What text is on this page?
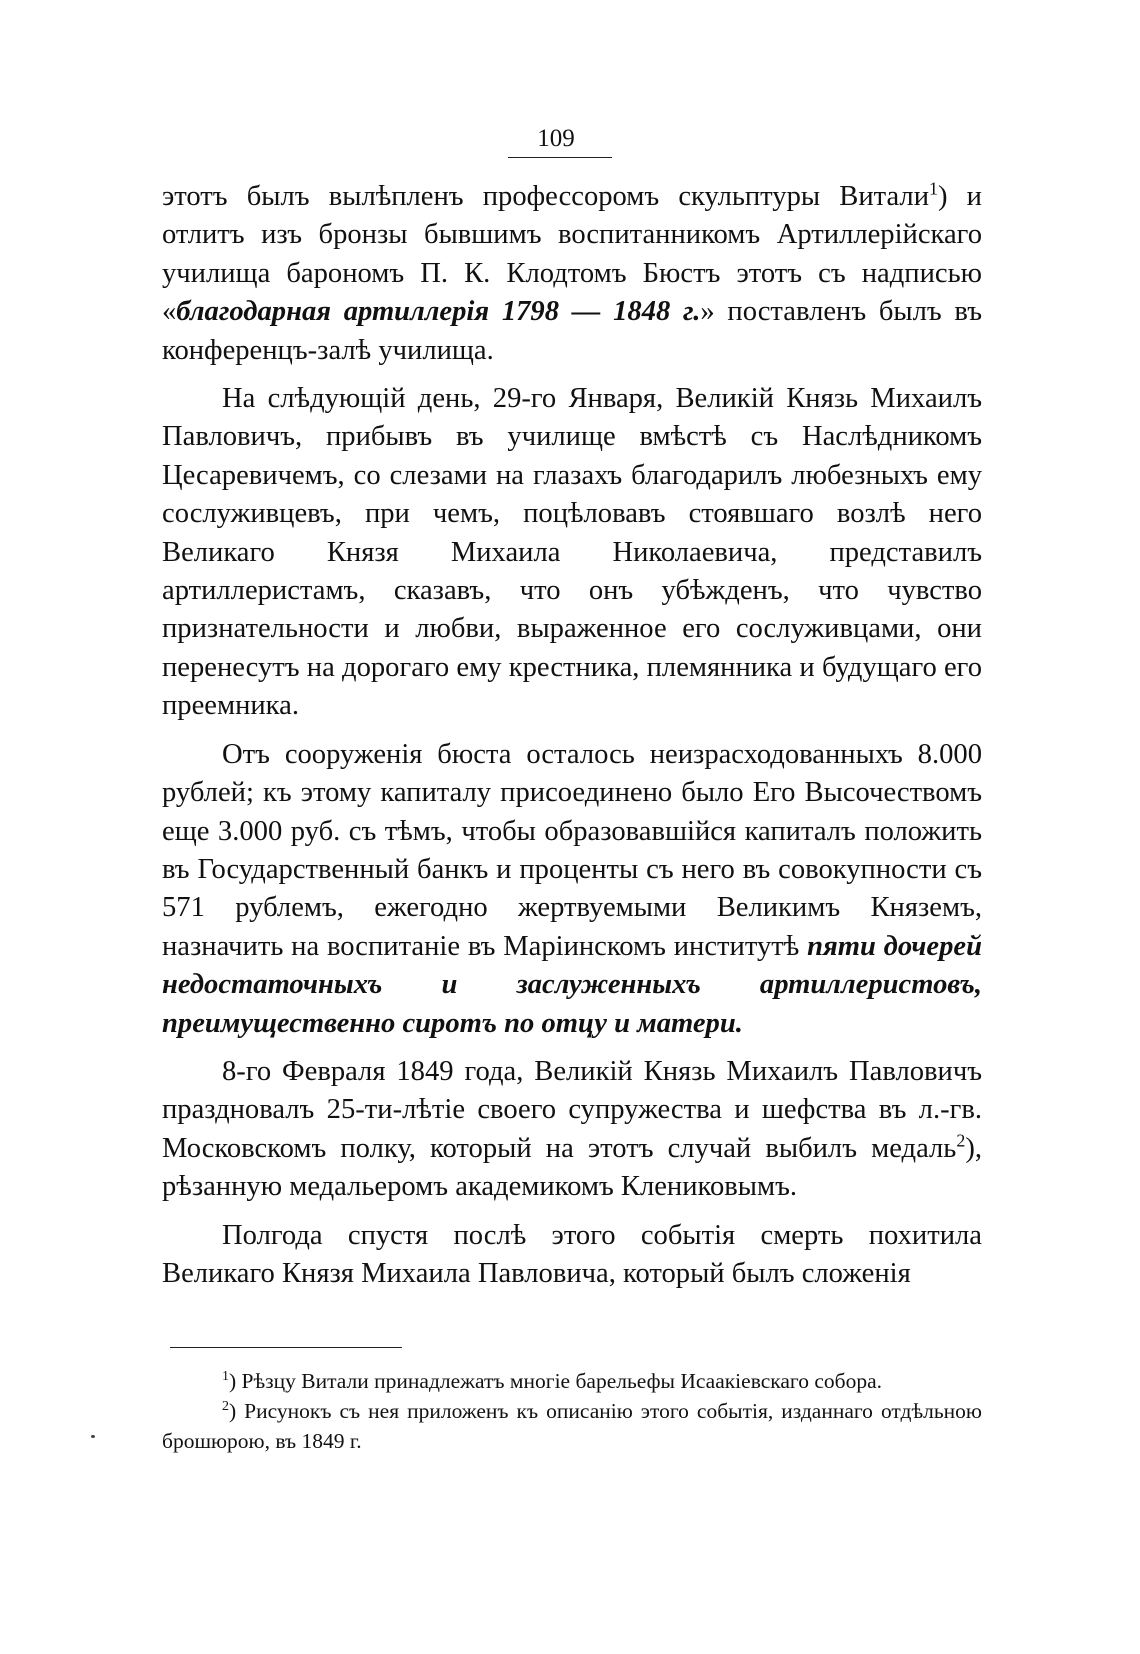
109

этотъ былъ вылѣпленъ профессоромъ скульптуры Витали$^1$) и отлитъ изъ бронзы бывшимъ воспитанникомъ Артиллерійскаго училища барономъ П. К. Клодтомъ Бюстъ этотъ съ надписью «благодарная артиллерія 1798 — 1848 г.» поставленъ былъ въ конференцъ-залѣ училища.

На слѣдующій день, 29-го Января, Великій Князь Михаилъ Павловичъ, прибывъ въ училище вмѣстѣ съ Наслѣдникомъ Цесаревичемъ, со слезами на глазахъ благодарилъ любезныхъ ему сослуживцевъ, при чемъ, поцѣловавъ стоявшаго возлѣ него Великаго Князя Михаила Николаевича, представилъ артиллеристамъ, сказавъ, что онъ убѣжденъ, что чувство признательности и любви, выраженное его сослуживцами, они перенесутъ на дорогаго ему крестника, племянника и будущаго его преемника.

Отъ сооруженія бюста осталось неизрасходованныхъ 8.000 рублей; къ этому капиталу присоединено было Его Высочествомъ еще 3.000 руб. съ тѣмъ, чтобы образовавшійся капиталъ положить въ Государственный банкъ и проценты съ него въ совокупности съ 571 рублемъ, ежегодно жертвуемыми Великимъ Княземъ, назначить на воспитаніе въ Маріинскомъ институтѣ пяти дочерей недостаточныхъ и заслуженныхъ артиллеристовъ, преимущественно сиротъ по отцу и матери.

8-го Февраля 1849 года, Великій Князь Михаилъ Павловичъ праздновалъ 25-ти-лѣтіе своего супружества и шефства въ л.-гв. Московскомъ полку, который на этотъ случай выбилъ медаль$^2$), рѣзанную медальеромъ академикомъ Клениковымъ.

Полгода спустя послѣ этого событія смерть похитила Великаго Князя Михаила Павловича, который былъ сложенія

$^1$) Рѣзцу Витали принадлежатъ многіе барельефы Исаакіевскаго собора.

$^2$) Рисунокъ съ нея приложенъ къ описанію этого событія, изданнаго отдѣльною брошюрою, въ 1849 г.
